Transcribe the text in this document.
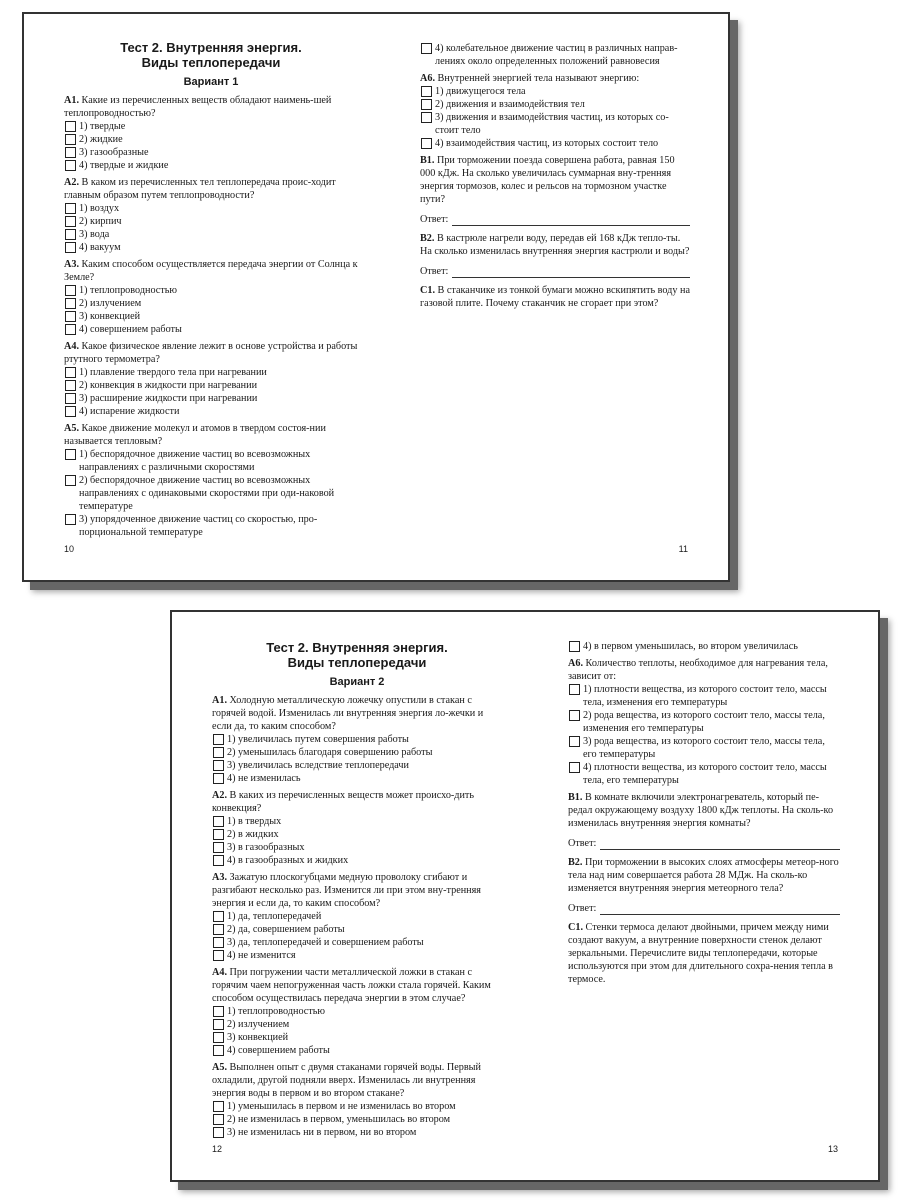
Тест 2. Внутренняя энергия.
Виды теплопередачи
Вариант 1
A1. Какие из перечисленных веществ обладают наимень-шей теплопроводностью?
1) твердые
2) жидкие
3) газообразные
4) твердые и жидкие
A2. В каком из перечисленных тел теплопередача проис-ходит главным образом путем теплопроводности?
1) воздух
2) кирпич
3) вода
4) вакуум
A3. Каким способом осуществляется передача энергии от Солнца к Земле?
1) теплопроводностью
2) излучением
3) конвекцией
4) совершением работы
A4. Какое физическое явление лежит в основе устройства и работы ртутного термометра?
1) плавление твердого тела при нагревании
2) конвекция в жидкости при нагревании
3) расширение жидкости при нагревании
4) испарение жидкости
A5. Какое движение молекул и атомов в твердом состоя-нии называется тепловым?
1) беспорядочное движение частиц во всевозможных направлениях с различными скоростями
2) беспорядочное движение частиц во всевозможных направлениях с одинаковыми скоростями при оди-наковой температуре
3) упорядоченное движение частиц со скоростью, про-порциональной температуре
4) колебательное движение частиц в различных направ-лениях около определенных положений равновесия
A6. Внутренней энергией тела называют энергию:
1) движущегося тела
2) движения и взаимодействия тел
3) движения и взаимодействия частиц, из которых со-стоит тело
4) взаимодействия частиц, из которых состоит тело
B1. При торможении поезда совершена работа, равная 150 000 кДж. На сколько увеличилась суммарная вну-тренняя энергия тормозов, колес и рельсов на тормозном участке пути?
Ответ:
B2. В кастрюле нагрели воду, передав ей 168 кДж тепло-ты. На сколько изменилась внутренняя энергия кастрюли и воды?
Ответ:
C1. В стаканчике из тонкой бумаги можно вскипятить воду на газовой плите. Почему стаканчик не сгорает при этом?
10	11
Тест 2. Внутренняя энергия.
Виды теплопередачи
Вариант 2
A1. Холодную металлическую ложечку опустили в стакан с горячей водой. Изменилась ли внутренняя энергия ло-жечки и если да, то каким способом?
1) увеличилась путем совершения работы
2) уменьшилась благодаря совершению работы
3) увеличилась вследствие теплопередачи
4) не изменилась
A2. В каких из перечисленных веществ может происхо-дить конвекция?
1) в твердых
2) в жидких
3) в газообразных
4) в газообразных и жидких
A3. Зажатую плоскогубцами медную проволоку сгибают и разгибают несколько раз. Изменится ли при этом вну-тренняя энергия и если да, то каким способом?
1) да, теплопередачей
2) да, совершением работы
3) да, теплопередачей и совершением работы
4) не изменится
A4. При погружении части металлической ложки в стакан с горячим чаем непогруженная часть ложки стала горячей. Каким способом осуществилась передача энергии в этом случае?
1) теплопроводностью
2) излучением
3) конвекцией
4) совершением работы
A5. Выполнен опыт с двумя стаканами горячей воды. Первый охладили, другой подняли вверх. Изменилась ли внутренняя энергия воды в первом и во втором стакане?
1) уменьшилась в первом и не изменилась во втором
2) не изменилась в первом, уменьшилась во втором
3) не изменилась ни в первом, ни во втором
4) в первом уменьшилась, во втором увеличилась
A6. Количество теплоты, необходимое для нагревания тела, зависит от:
1) плотности вещества, из которого состоит тело, массы тела, изменения его температуры
2) рода вещества, из которого состоит тело, массы тела, изменения его температуры
3) рода вещества, из которого состоит тело, массы тела, его температуры
4) плотности вещества, из которого состоит тело, массы тела, его температуры
B1. В комнате включили электронагреватель, который пе-редал окружающему воздуху 1800 кДж теплоты. На сколь-ко изменилась внутренняя энергия комнаты?
Ответ:
B2. При торможении в высоких слоях атмосферы метеор-ного тела над ним совершается работа 28 МДж. На сколь-ко изменяется внутренняя энергия метеорного тела?
Ответ:
C1. Стенки термоса делают двойными, причем между ними создают вакуум, а внутренние поверхности стенок делают зеркальными. Перечислите виды теплопередачи, которые используются при этом для длительного сохра-нения тепла в термосе.
12	13
